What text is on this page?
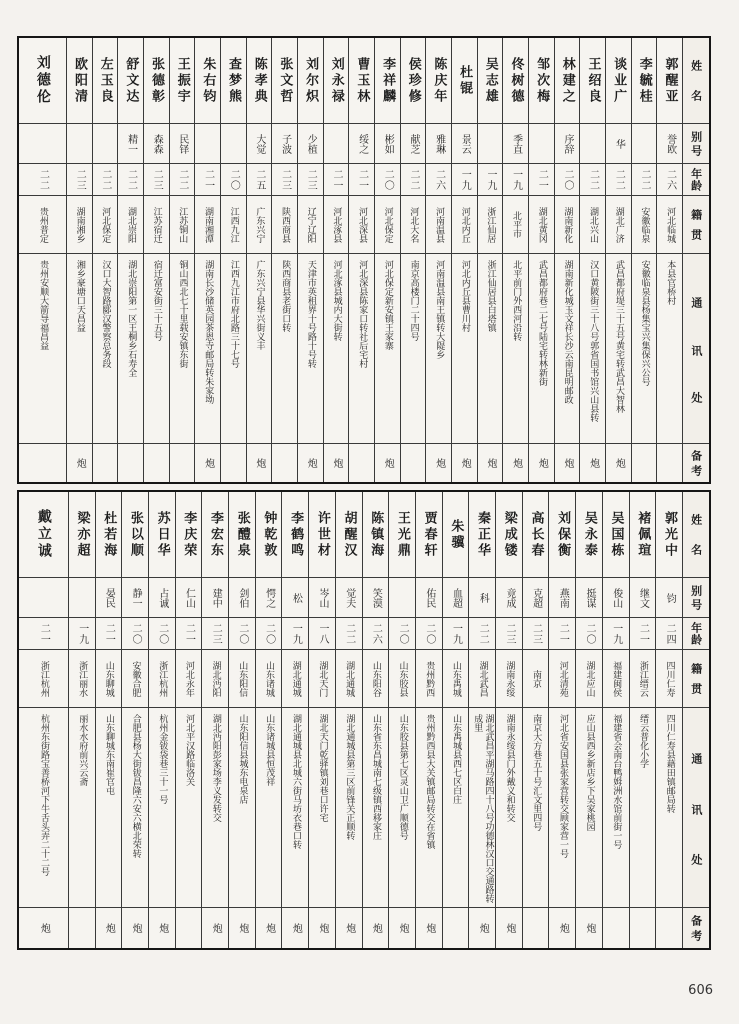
姓
名
别
号
年
龄
籍
贯
通
讯
处
备
考
郭醒亚
誉欧
二六
河北临城
本县官桥村
李毓桂
二二
安徽临泉
安徽临泉县杨集宝兴集保兴公号
谈业广
华
二二
湖北广济
武昌都府堤三十五号黄宅转武昌大智林
炮
王绍良
二二
湖北兴山
汉口黄陂街三十八号郭省国书馆兴山县转
炮
林建之
序辞
二〇
湖南新化
湖南新化城玉文祥长沙云南昆明邮政
炮
邹次梅
二一
湖北黄冈
武昌都府巷二七号陆宅转林新街
炮
佟树德
季直
一九
北平市
北平前门外西河沿转
炮
吴志雄
一九
浙江仙居
浙江仙居县白塔镇
炮
杜锟
景云
一九
河北内丘
河北内丘县曹川村
炮
陈庆年
雅琳
二六
河南温县
河南温县南王镇转大隄乡
炮
侯珍修
献芝
二二
河北大名
南京高楼门二十四号
李祥麟
彬如
二〇
河北保定
河北保定新安镇王家寨
炮
曹玉林
绥之
二一
河北深县
河北深县陈家口转社后宅村
刘永禄
二一
河北涿县
河北涿县城内大街转
炮
刘尔炽
少植
二三
辽宁辽阳
天津市英租界十号路十号转
炮
张文哲
子波
二三
陕西商县
陕西商县老街口转
陈孝典
大觉
二五
广东兴宁
广东兴宁县华兴街义丰
炮
查梦熊
二〇
江西九江
江西九江市府北路三十七号
朱右钧
二一
湖南湘潭
湖南长沙储英园茶恩寺邮局转朱家坳
炮
王振宇
民铎
二二
江苏铜山
铜山西北七十里载安镇东街
张德彰
森森
二三
江苏宿迁
宿迁富安街三十五号
舒文达
精一
二二
湖北崇阳
湖北崇阳第一区王桐乡石寿全
左玉良
二二
河北保定
汉口大智路郾汉警察总务段
欧阳清
二三
湖南湘乡
湘乡豪塘口天昌益
炮
刘德伦
二二
贵州普定
贵州安顺大箭导福昌益
姓
名
别
号
年
龄
籍
贯
通
讯
处
备
考
郭光中
钧
二四
四川仁寿
四川仁寿县藉田镇邮局转
褚佩瑄
继文
二一
浙江缙云
缙云普化小学
吴国栋
俊山
一九
福建闽侯
福建省会南台鸭姆洲水馆前街一号
吴永泰
挺谋
二〇
湖北应山
应山县西乡新店乡下吴家桃园
炮
刘保衡
燕南
二一
河北清苑
河北省安国县张家营转交顾家营一号
炮
高长春
克超
二三
南京
南京大方巷五十号汇文里四号
梁成镂
竟成
二三
湖南永绥
湖南永绥县门外戴义和转交
炮
秦正华
科
二二
湖北武昌
湖北武昌平湖马路四十八号功德林汉口交通路转成里
炮
朱骥
血超
一九
山东禹城
山东禹城县西七区白庄
贾春轩
佑民
二〇
贵州黔西
贵州黔西县大关镇邮局转交在省镇
炮
王光鼎
二〇
山东胶县
山东胶县第七区灵山卫广顺德号
炮
陈镇海
笑漠
二六
山东阳谷
山东省东昌城南七级镇西移家庄
炮
胡醒汉
觉夫
二二
湖北通城
湖北通城县第三区前锋关正顺转
炮
许世材
岑山
一八
湖北天门
湖北天门乾驿镇刘巷口许宅
炮
李鹤鸣
松
一九
湖北通城
湖北通城县北城六街马坊衣巷口转
炮
钟乾敦
愕之
二〇
山东诸城
山东诸城县恒茂祥
炮
张醴泉
剑伯
二〇
山东阳信
山东阳信县城东电泉店
炮
李宏东
建中
二三
湖北沔阳
湖北沔阳彭家场李义发转交
炮
李庆荣
仁山
二一
河北永年
河北平汉路临洛关
苏日华
占诚
二〇
浙江杭州
杭州金钹袋巷三十一号
炮
张以顺
静一
二〇
安徽合肥
合肥县杨大街钹昌隆六安六横北荣转
炮
杜若海
晏民
二一
山东聊城
山东聊城东南崔官屯
炮
梁亦超
一九
浙江丽水
丽水水府前兴云斋
戴立诚
二一
浙江杭州
杭州东街路宝善桥河下牛舌头弄二十二号
炮
606
